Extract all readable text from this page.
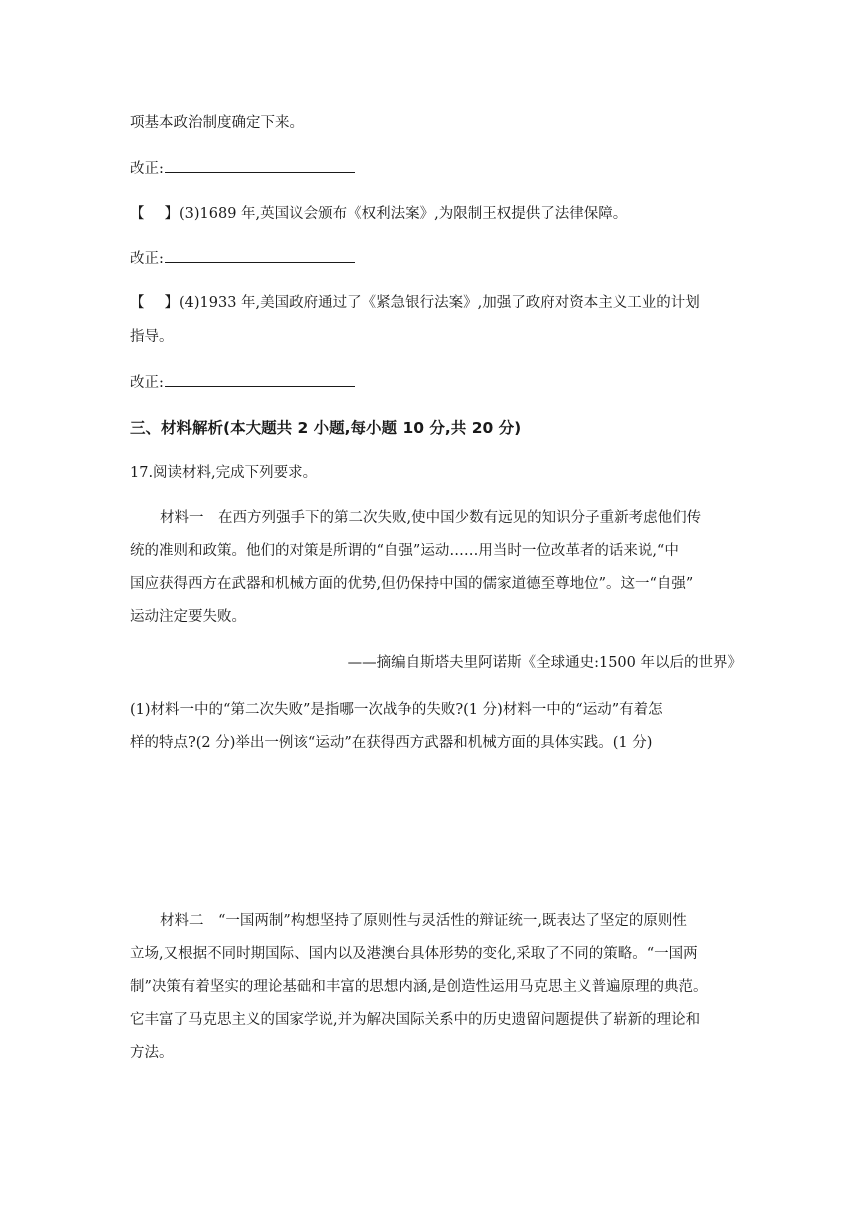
项基本政治制度确定下来。
改正:
【 】(3)1689 年,英国议会颁布《权利法案》,为限制王权提供了法律保障。
改正:
【 】(4)1933 年,美国政府通过了《紧急银行法案》,加强了政府对资本主义工业的计划
指导。
改正:
三、材料解析(本大题共 2 小题,每小题 10 分,共 20 分)
17.阅读材料,完成下列要求。
材料一　在西方列强手下的第二次失败,使中国少数有远见的知识分子重新考虑他们传
统的准则和政策。他们的对策是所谓的“自强”运动……用当时一位改革者的话来说,“中
国应获得西方在武器和机械方面的优势,但仍保持中国的儒家道德至尊地位”。这一“自强”
运动注定要失败。
——摘编自斯塔夫里阿诺斯《全球通史:1500 年以后的世界》
(1)材料一中的“第二次失败”是指哪一次战争的失败?(1 分)材料一中的“运动”有着怎
样的特点?(2 分)举出一例该“运动”在获得西方武器和机械方面的具体实践。(1 分)
材料二　“一国两制”构想坚持了原则性与灵活性的辩证统一,既表达了坚定的原则性
立场,又根据不同时期国际、国内以及港澳台具体形势的变化,采取了不同的策略。“一国两
制”决策有着坚实的理论基础和丰富的思想内涵,是创造性运用马克思主义普遍原理的典范。
它丰富了马克思主义的国家学说,并为解决国际关系中的历史遗留问题提供了崭新的理论和
方法。
